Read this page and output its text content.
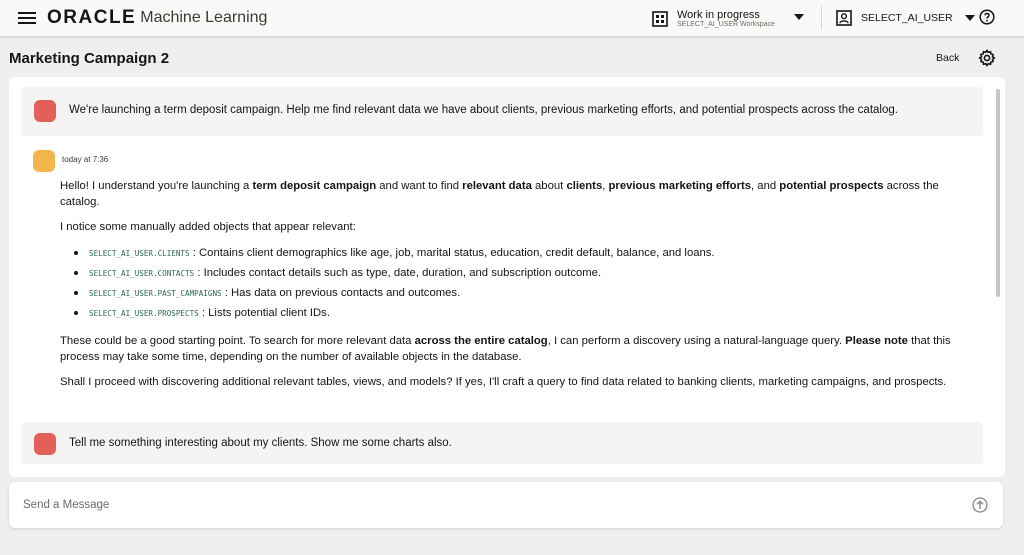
ORACLE Machine Learning	Work in progress
SELECT_AI_USER Workspace
SELECT_AI_USER
Marketing Campaign 2	Back
We're launching a term deposit campaign. Help me find relevant data we have about clients, previous marketing efforts, and potential prospects across the catalog.
today at 7:36

Hello! I understand you're launching a term deposit campaign and want to find relevant data about clients, previous marketing efforts, and potential prospects across the catalog.

I notice some manually added objects that appear relevant:

SELECT_AI_USER.CLIENTS : Contains client demographics like age, job, marital status, education, credit default, balance, and loans.
SELECT_AI_USER.CONTACTS : Includes contact details such as type, date, duration, and subscription outcome.
SELECT_AI_USER.PAST_CAMPAIGNS : Has data on previous contacts and outcomes.
SELECT_AI_USER.PROSPECTS : Lists potential client IDs.

These could be a good starting point. To search for more relevant data across the entire catalog, I can perform a discovery using a natural-language query. Please note that this process may take some time, depending on the number of available objects in the database.

Shall I proceed with discovering additional relevant tables, views, and models? If yes, I'll craft a query to find data related to banking clients, marketing campaigns, and prospects.

Tell me something interesting about my clients. Show me some charts also.
Send a Message
